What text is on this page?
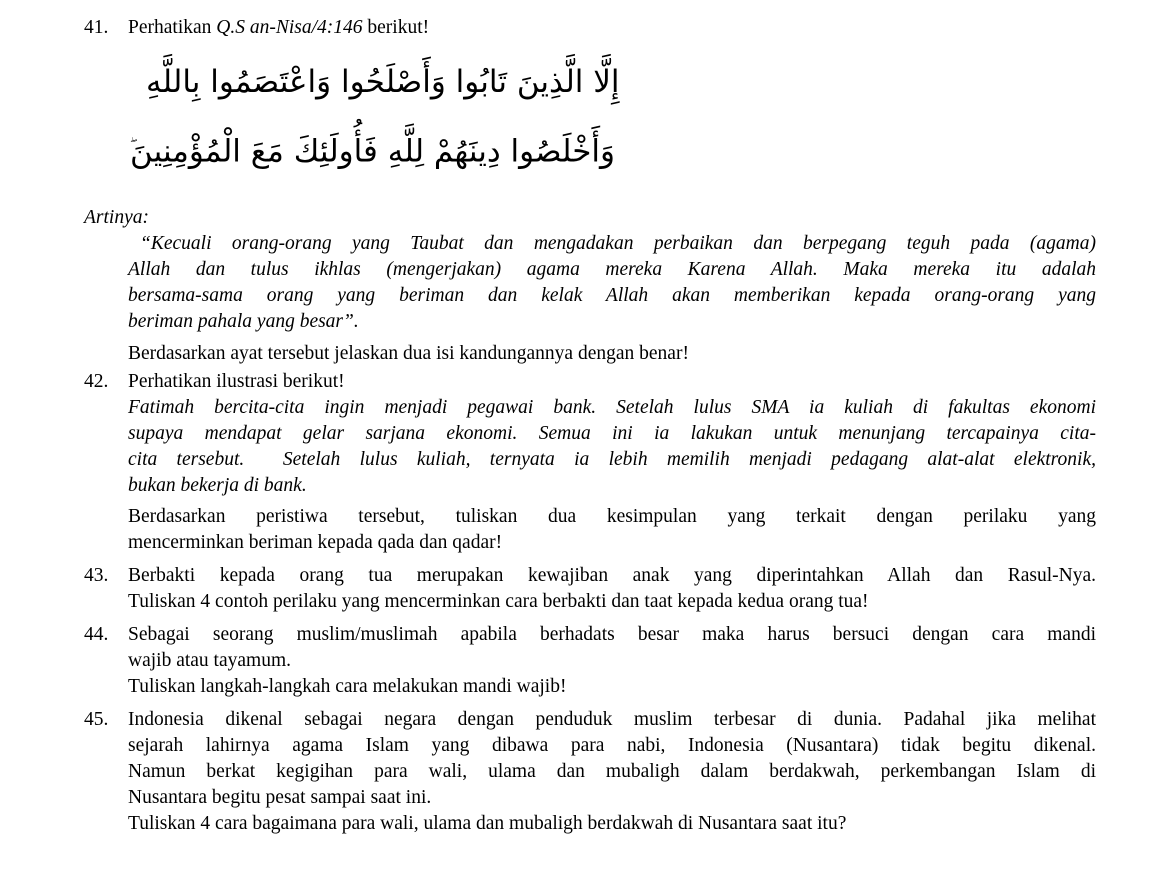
41. Perhatikan Q.S an-Nisa/4:146 berikut!
إِلَّا الَّذِينَ تَابُوا وَأَصْلَحُوا وَاعْتَصَمُوا بِاللَّهِ
وَأَخْلَصُوا دِينَهُمْ لِلَّهِ فَأُولَئِكَ مَعَ الْمُؤْمِنِينَ
Artinya:
“Kecuali orang-orang yang Taubat dan mengadakan perbaikan dan berpegang teguh pada (agama)
Allah dan tulus ikhlas (mengerjakan) agama mereka Karena Allah. Maka mereka itu adalah
bersama-sama orang yang beriman dan kelak Allah akan memberikan kepada orang-orang yang
beriman pahala yang besar”.
Berdasarkan ayat tersebut jelaskan dua isi kandungannya dengan benar!
42. Perhatikan ilustrasi berikut!
Fatimah bercita-cita ingin menjadi pegawai bank. Setelah lulus SMA ia kuliah di fakultas ekonomi
supaya mendapat gelar sarjana ekonomi. Semua ini ia lakukan untuk menunjang tercapainya cita-
cita tersebut.  Setelah lulus kuliah, ternyata ia lebih memilih menjadi pedagang alat-alat elektronik,
bukan bekerja di bank.
Berdasarkan peristiwa tersebut, tuliskan dua kesimpulan yang terkait dengan perilaku yang
mencerminkan beriman kepada qada dan qadar!
43. Berbakti kepada orang tua merupakan kewajiban anak yang diperintahkan Allah dan Rasul-Nya.
Tuliskan 4 contoh perilaku yang mencerminkan cara berbakti dan taat kepada kedua orang tua!
44. Sebagai seorang muslim/muslimah apabila berhadats besar maka harus bersuci dengan cara mandi
wajib atau tayamum.
Tuliskan langkah-langkah cara melakukan mandi wajib!
45. Indonesia dikenal sebagai negara dengan penduduk muslim terbesar di dunia. Padahal jika melihat
sejarah lahirnya agama Islam yang dibawa para nabi, Indonesia (Nusantara) tidak begitu dikenal.
Namun berkat kegigihan para wali, ulama dan mubaligh dalam berdakwah, perkembangan Islam di
Nusantara begitu pesat sampai saat ini.
Tuliskan 4 cara bagaimana para wali, ulama dan mubaligh berdakwah di Nusantara saat itu?
